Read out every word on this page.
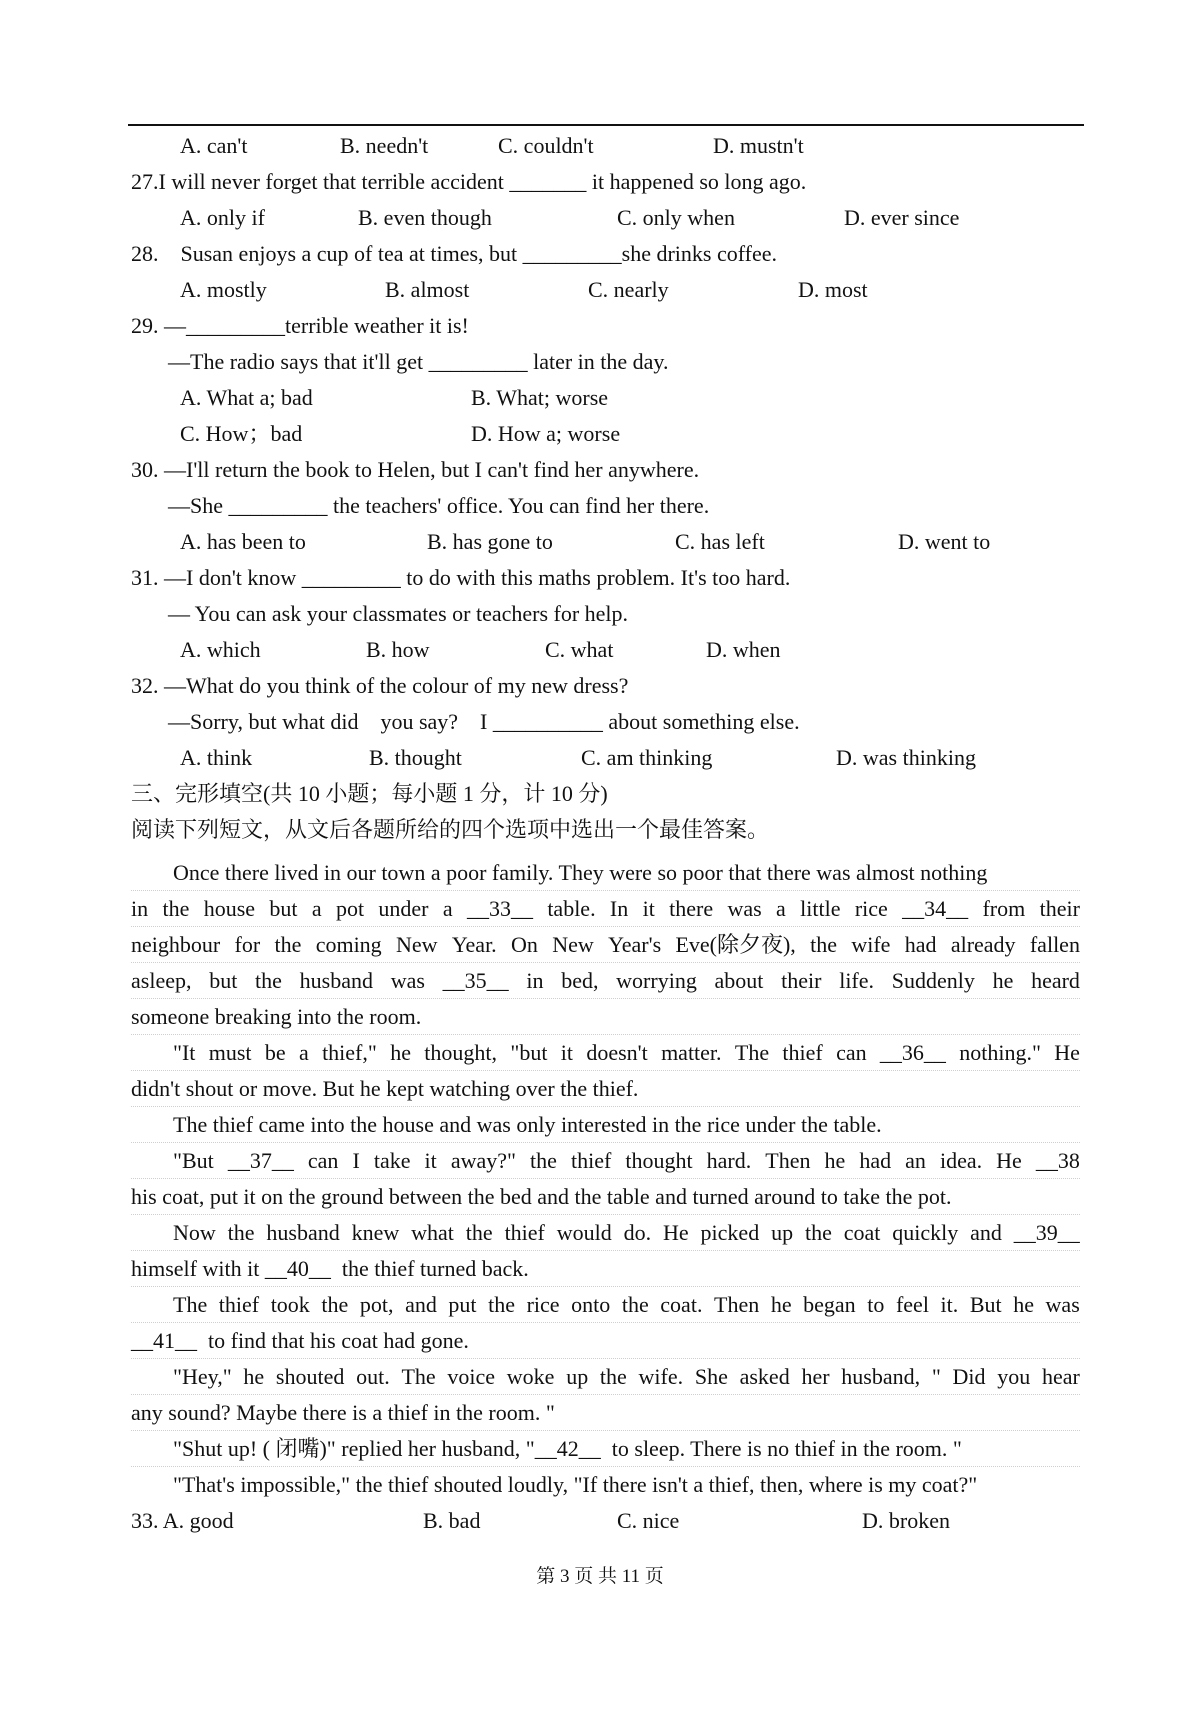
A. can't

	B. needn't

	C. couldn't

	D. mustn't

27.I will never forget that terrible accident _______ it happened so long ago.

A. only if

	B. even though

	C. only when

	D. ever since

28.    Susan enjoys a cup of tea at times, but _________she drinks coffee.

A. mostly

	B. almost

	C. nearly

	D. most

29. —_________terrible weather it is!

—The radio says that it'll get _________ later in the day.

A. What a; bad

	B. What; worse

C. How；bad

	D. How a; worse

30. —I'll return the book to Helen, but I can't find her anywhere.

—She _________ the teachers' office. You can find her there.

A. has been to

	B. has gone to

	C. has left

	D. went to

31. —I don't know _________ to do with this maths problem. It's too hard.

— You can ask your classmates or teachers for help.

A. which

	B. how

	C. what

	D. when

32. —What do you think of the colour of my new dress?

—Sorry, but what did    you say?    I __________ about something else.

A. think

	B. thought

	C. am thinking

	D. was thinking

三、完形填空(共 10 小题；每小题 1 分，计 10 分)

阅读下列短文，从文后各题所给的四个选项中选出一个最佳答案。

Once there lived in our town a poor family. They were so poor that there was almost nothing

in the house but a pot under a __33__ table. In it there was a little rice __34__ from their
neighbour for the coming New Year. On New Year's Eve(除夕夜), the wife had already fallen
asleep, but the husband was __35__ in bed, worrying about their life. Suddenly he heard

someone breaking into the room.

"It must be a thief," he thought, "but it doesn't matter. The thief can __36__ nothing." He

didn't shout or move. But he kept watching over the thief.

The thief came into the house and was only interested in the rice under the table.

"But __37__ can I take it away?" the thief thought hard. Then he had an idea. He __38

his coat, put it on the ground between the bed and the table and turned around to take the pot.

Now the husband knew what the thief would do. He picked up the coat quickly and __39__

himself with it __40__  the thief turned back.

The thief took the pot, and put the rice onto the coat. Then he began to feel it. But he was

__41__  to find that his coat had gone.

"Hey," he shouted out. The voice woke up the wife. She asked her husband, " Did you hear

any sound? Maybe there is a thief in the room. "

"Shut up! ( 闭嘴)" replied her husband, "__42__  to sleep. There is no thief in the room. "

"That's impossible," the thief shouted loudly, "If there isn't a thief, then, where is my coat?"

33. A. good

	B. bad

	C. nice

	D. broken

第 3 页 共 11 页
